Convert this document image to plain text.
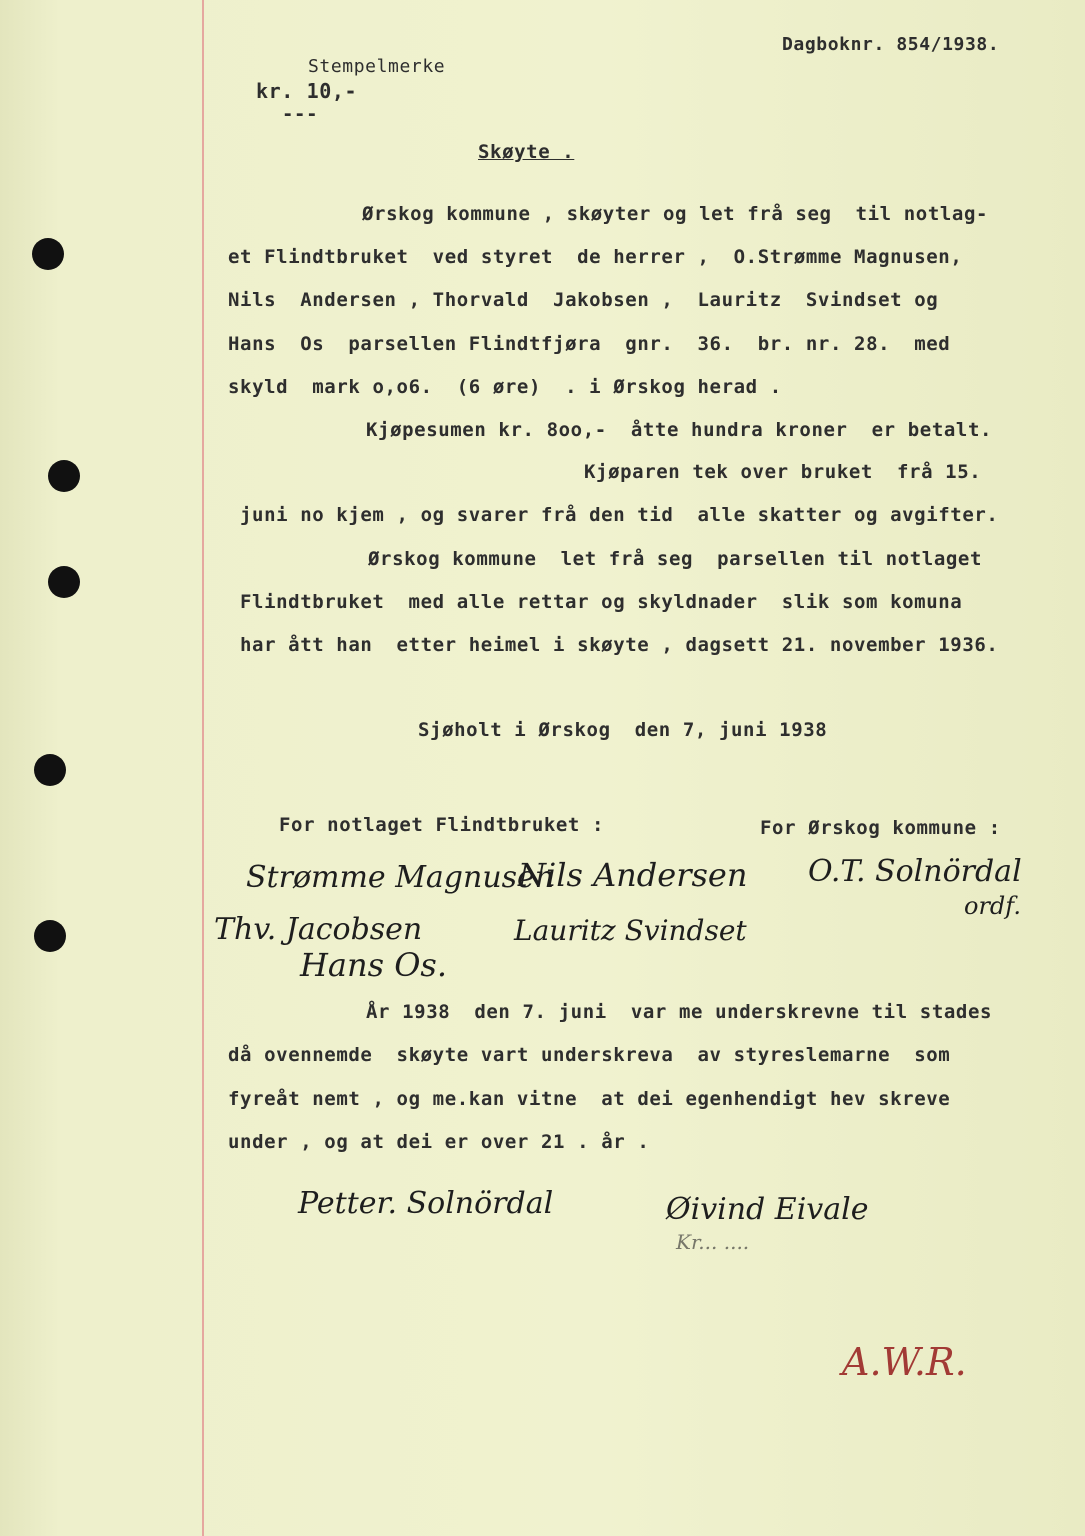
Dagboknr. 854/1938.
Stempelmerke
kr. 10,-
---
Skøyte .
Ørskog kommune , skøyter og let frå seg  til notlag-
et Flindtbruket  ved styret  de herrer ,  O.Strømme Magnusen,
Nils  Andersen , Thorvald  Jakobsen ,  Lauritz  Svindset og
Hans  Os  parsellen Flindtfjøra  gnr.  36.  br. nr. 28.  med
skyld  mark o,o6.  (6 øre)  . i Ørskog herad .
Kjøpesumen kr. 8oo,-  åtte hundra kroner  er betalt.
Kjøparen tek over bruket  frå 15.
juni no kjem , og svarer frå den tid  alle skatter og avgifter.
Ørskog kommune  let frå seg  parsellen til notlaget
Flindtbruket  med alle rettar og skyldnader  slik som komuna
har ått han  etter heimel i skøyte , dagsett 21. november 1936.
Sjøholt i Ørskog  den 7, juni 1938
For notlaget Flindtbruket :	For Ørskog kommune :
Strømme Magnusen
Nils Andersen O.T. Solnördal
ordf.
Thv. Jacobsen	Lauritz Svindset
Hans Os.
År 1938  den 7. juni  var me underskrevne til stades
då ovennemde  skøyte vart underskreva  av styreslemarne  som
fyreåt nemt , og me.kan vitne  at dei egenhendigt hev skreve
under , og at dei er over 21 . år .
Petter. Solnördal	Øivind Eivale
Kr... ....
A.W.R.
